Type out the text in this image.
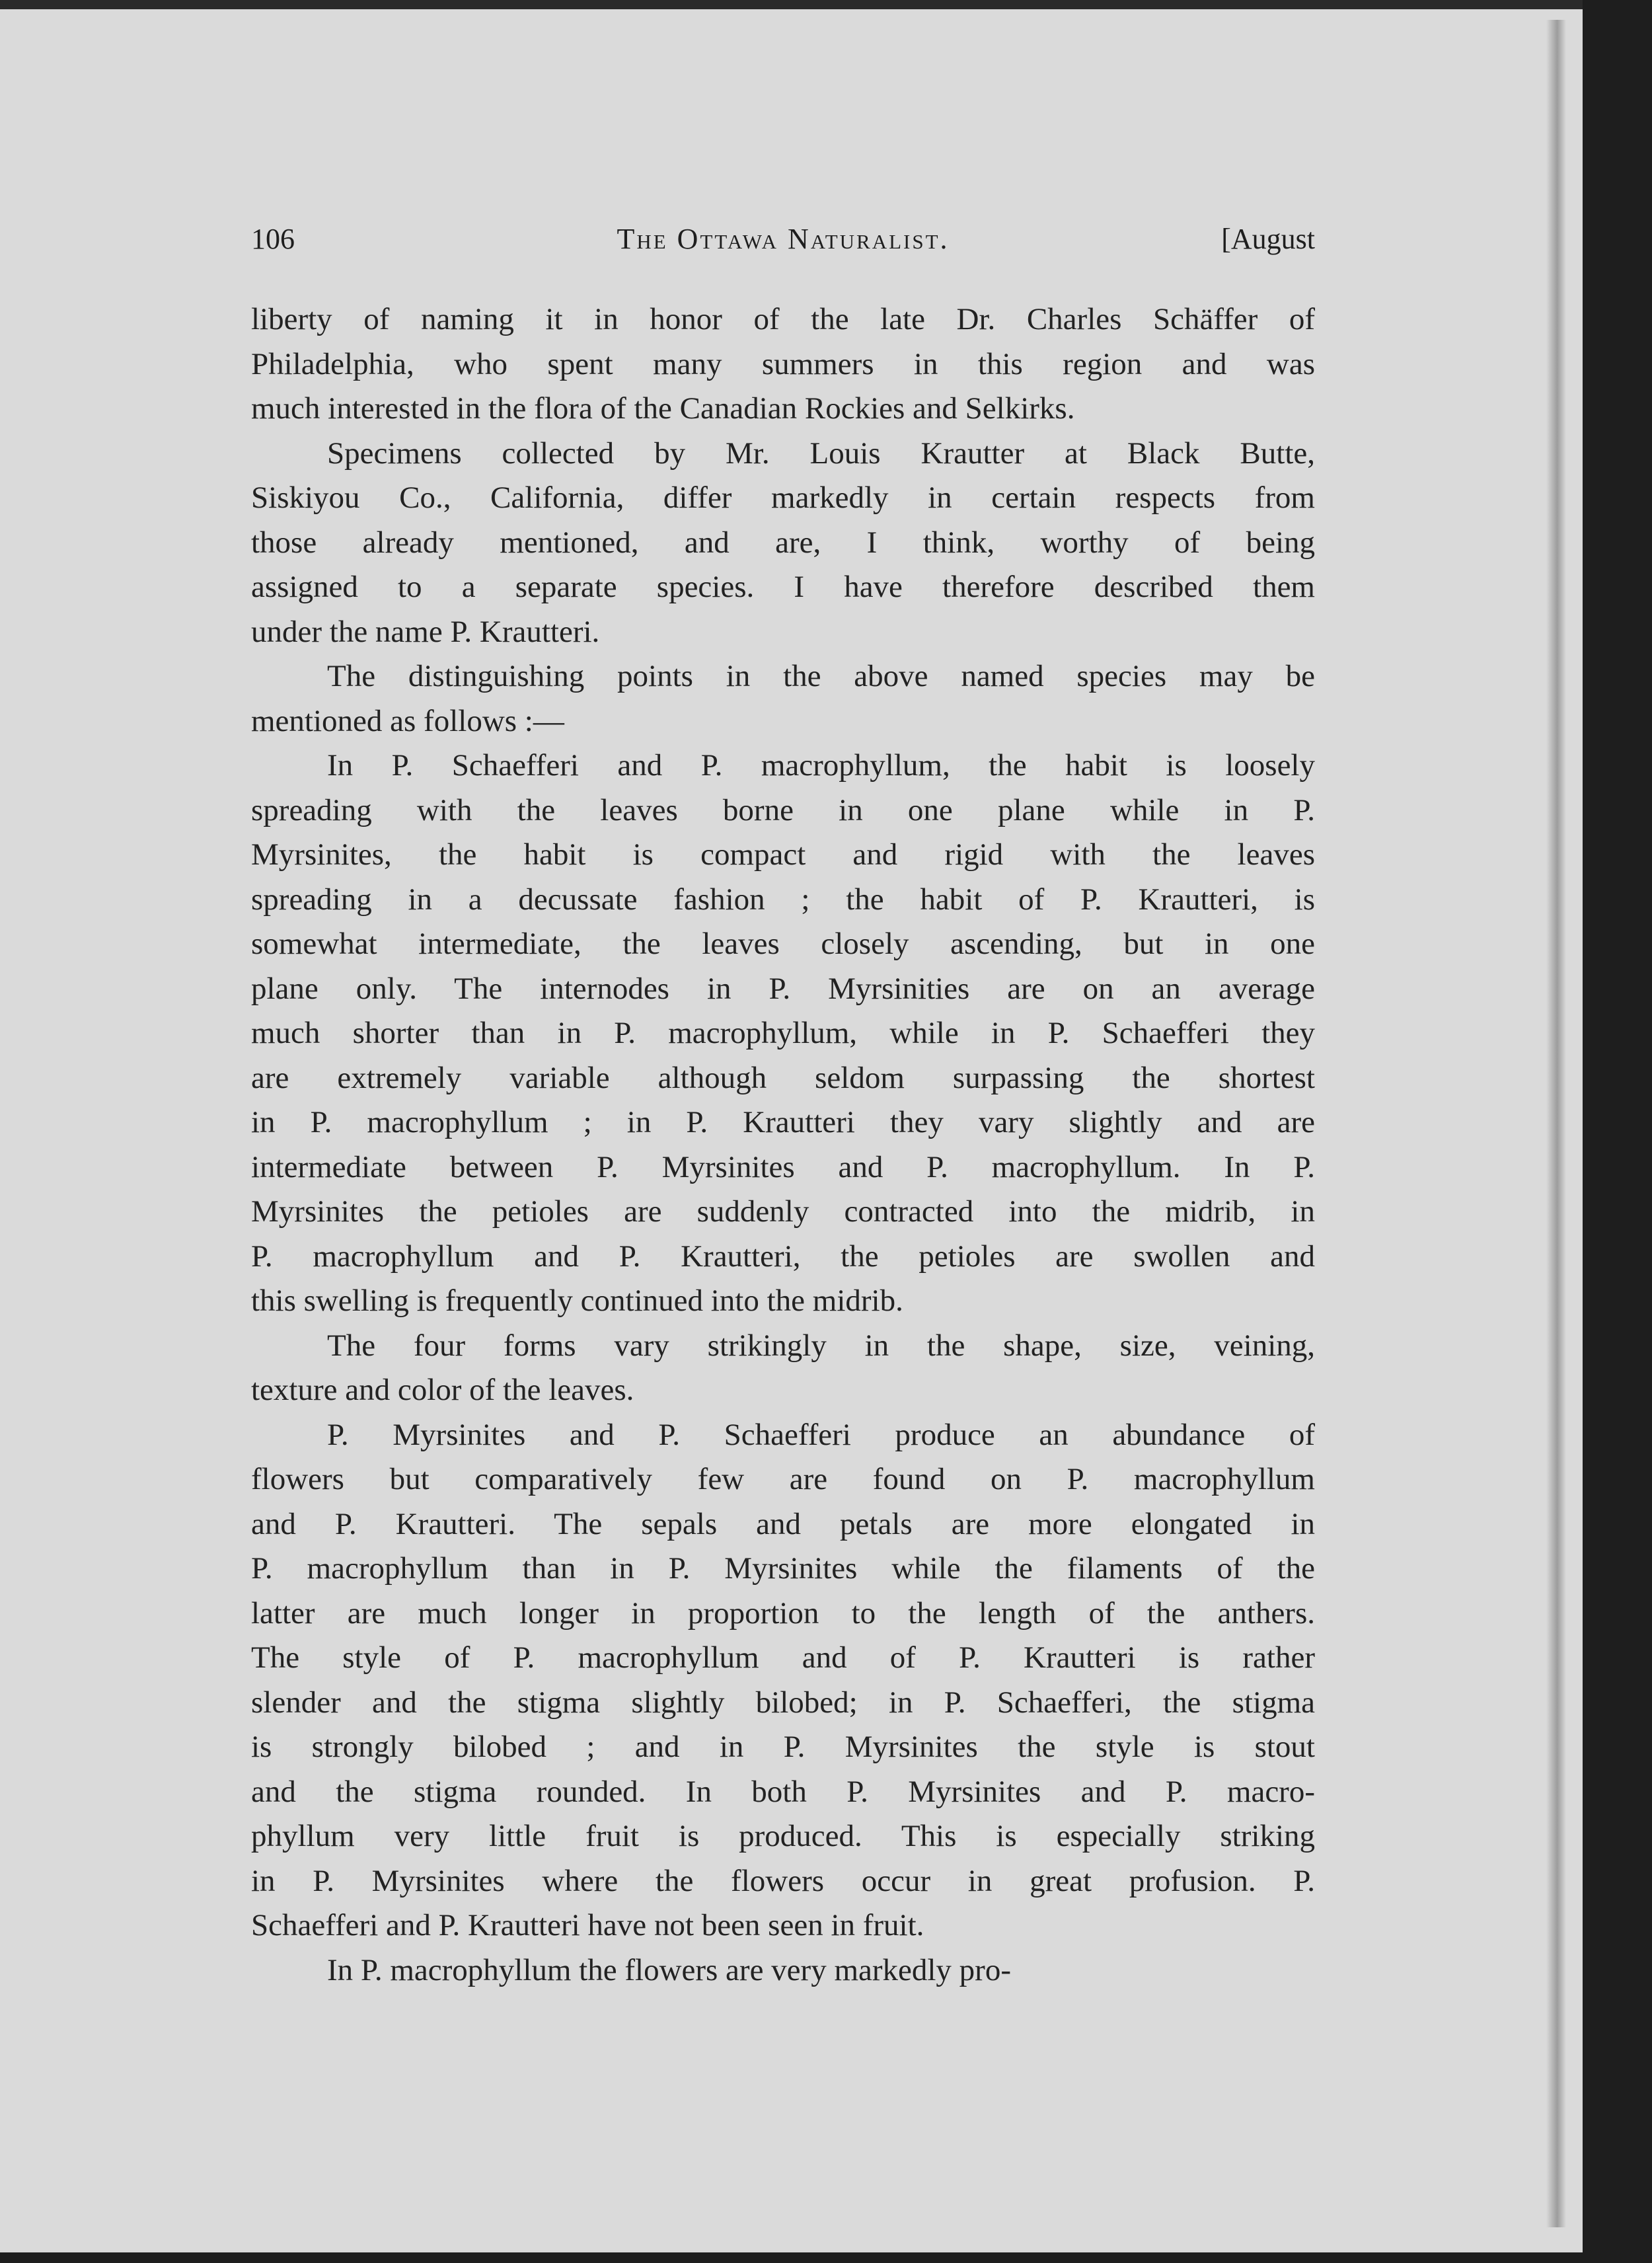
106	The Ottawa Naturalist.	[August
liberty of naming it in honor of the late Dr. Charles Schäffer of
Philadelphia, who spent many summers in this region and was
much interested in the flora of the Canadian Rockies and Selkirks.
Specimens collected by Mr. Louis Krautter at Black Butte,
Siskiyou Co., California, differ markedly in certain respects from
those already mentioned, and are, I think, worthy of being
assigned to a separate species. I have therefore described them
under the name P. Krautteri.
The distinguishing points in the above named species may be
mentioned as follows :—
In P. Schaefferi and P. macrophyllum, the habit is loosely
spreading with the leaves borne in one plane while in P.
Myrsinites, the habit is compact and rigid with the leaves
spreading in a decussate fashion ; the habit of P. Krautteri, is
somewhat intermediate, the leaves closely ascending, but in one
plane only. The internodes in P. Myrsinities are on an average
much shorter than in P. macrophyllum, while in P. Schaefferi they
are extremely variable although seldom surpassing the shortest
in P. macrophyllum ; in P. Krautteri they vary slightly and are
intermediate between P. Myrsinites and P. macrophyllum. In P.
Myrsinites the petioles are suddenly contracted into the midrib, in
P. macrophyllum and P. Krautteri, the petioles are swollen and
this swelling is frequently continued into the midrib.
The four forms vary strikingly in the shape, size, veining,
texture and color of the leaves.
P. Myrsinites and P. Schaefferi produce an abundance of
flowers but comparatively few are found on P. macrophyllum
and P. Krautteri. The sepals and petals are more elongated in
P. macrophyllum than in P. Myrsinites while the filaments of the
latter are much longer in proportion to the length of the anthers.
The style of P. macrophyllum and of P. Krautteri is rather
slender and the stigma slightly bilobed; in P. Schaefferi, the stigma
is strongly bilobed ; and in P. Myrsinites the style is stout
and the stigma rounded. In both P. Myrsinites and P. macro-
phyllum very little fruit is produced. This is especially striking
in P. Myrsinites where the flowers occur in great profusion. P.
Schaefferi and P. Krautteri have not been seen in fruit.
In P. macrophyllum the flowers are very markedly pro-
